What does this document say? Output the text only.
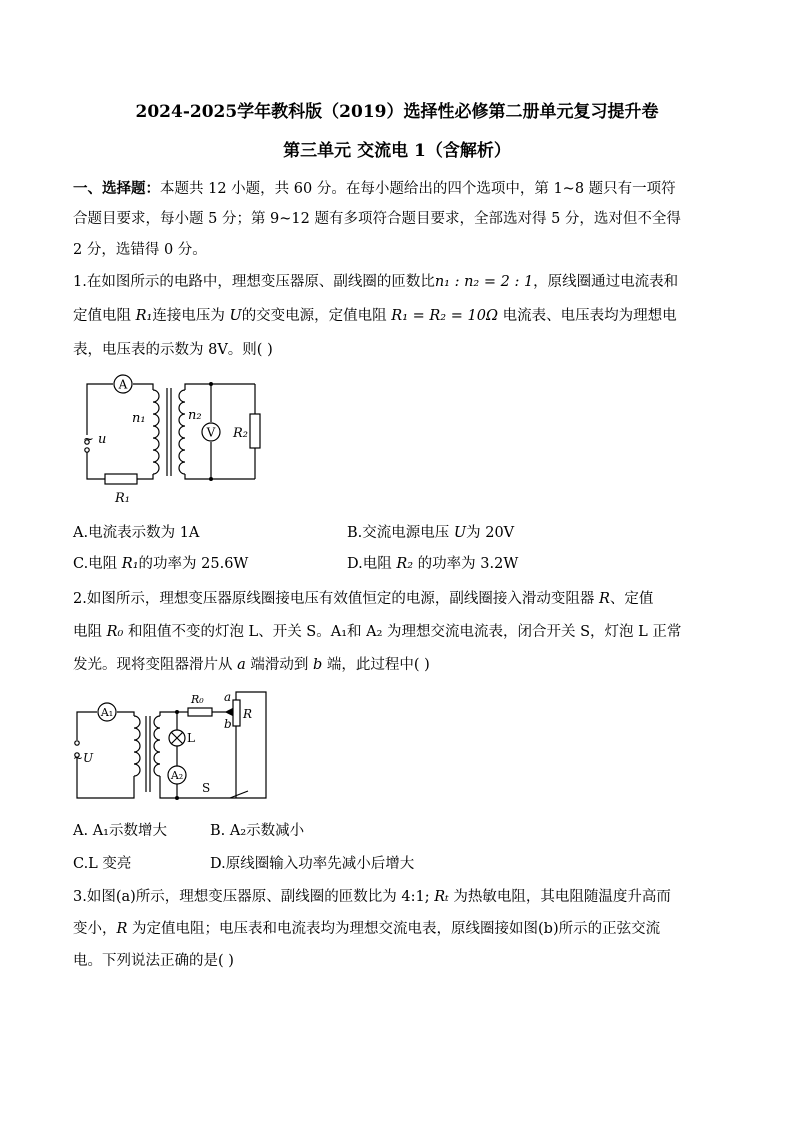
2024-2025学年教科版（2019）选择性必修第二册单元复习提升卷
第三单元 交流电 1（含解析）
一、选择题：本题共 12 小题，共 60 分。在每小题给出的四个选项中，第 1~8 题只有一项符
合题目要求，每小题 5 分；第 9~12 题有多项符合题目要求，全部选对得 5 分，选对但不全得
2 分，选错得 0 分。
1.在如图所示的电路中，理想变压器原、副线圈的匝数比n₁ : n₂ = 2 : 1，原线圈通过电流表和
定值电阻 R₁连接电压为 U的交变电源，定值电阻 R₁ = R₂ = 10Ω 电流表、电压表均为理想电
表，电压表的示数为 8V。则( )
A
V
n₁	n₂
~ u
R₁
R₂
A.电流表示数为 1A	B.交流电源电压 U为 20V
C.电阻 R₁的功率为 25.6W	D.电阻 R₂ 的功率为 3.2W
2.如图所示，理想变压器原线圈接电压有效值恒定的电源，副线圈接入滑动变阻器 R、定值
电阻 R₀ 和阻值不变的灯泡 L、开关 S。A₁和 A₂ 为理想交流电流表，闭合开关 S，灯泡 L 正常
发光。现将变阻器滑片从 a 端滑动到 b 端，此过程中( )
A₁
A₂
~U
R₀
R
a
b
L
S
A. A₁示数增大	B. A₂示数减小
C.L 变亮	D.原线圈输入功率先减小后增大
3.如图(a)所示，理想变压器原、副线圈的匝数比为 4:1; Rₜ 为热敏电阻，其电阻随温度升高而
变小，R 为定值电阻；电压表和电流表均为理想交流电表，原线圈接如图(b)所示的正弦交流
电。下列说法正确的是( )
